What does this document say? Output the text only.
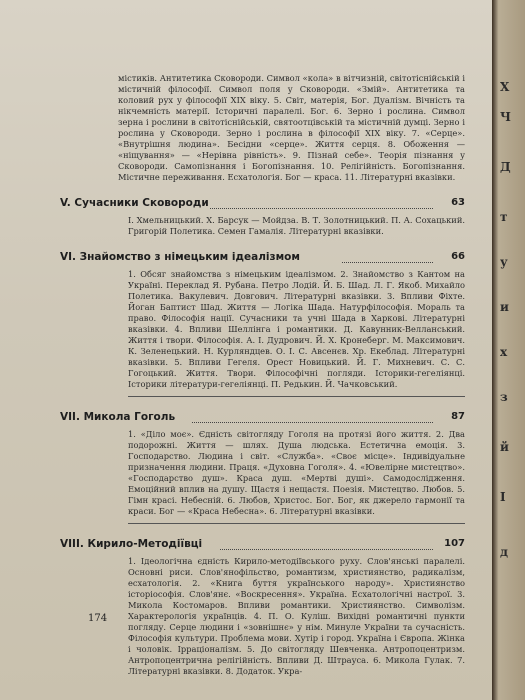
містиків. Антитетика Сковороди. Символ «кола» в вітчизній, світотіснійській і містичній філософії. Символ поля у Сковороди. «Змій». Антитетика та коловий рух у філософії XIX віку. 5. Світ, матерія, Бог. Дуалізм. Вічність та нікчемність матерії. Історичні паралелі. Бог. 6. Зерно і рослина. Символ зерна і рослини в світотіснійській, святоотцівській та містичній думці. Зерно і рослина у Сковороди. Зерно і рослина в філософії XIX віку. 7. «Серце». «Внутрішня людина». Бесідни «серце». Життя серця. 8. Обоження — «ніщування» — «Нерівна рівність». 9. Пізнай себе». Теорія пізнання у Сковороди. Самопізнання і Богопізнання. 10. Релігійність. Богопізнання. Містичне переживання. Есхатологія. Бог — краса. 11. Літературні вказівки.

V. Сучасники Сковороди	63

І. Хмельницький. Х. Барсук — Мойдза. В. Т. Золотницький. П. А. Сохацький. Григорій Полетика. Семен Гамалія. Літературні вказівки.

VI. Знайомство з німецьким ідеалізмом	66

1. Обсяг знайомства з німецьким ідеалізмом. 2. Знайомство з Кантом на Україні. Переклад Я. Рубана. Петро Лодій. Й. Б. Шад. Л. Г. Якоб. Михайло Полетика. Вакулевич. Довгович. Літературні вказівки. 3. Впливи Фіхте. Йоган Баптист Шад. Життя — Логіка Шада. Натурфілософія. Мораль та право. Філософія нації. Сучасники та учні Шада в Харкові. Літературні вказівки. 4. Впливи Шеллінга і романтики. Д. Кавунник-Велланський. Життя і твори. Філософія. А. І. Дудрович. Й. Х. Кронеберг. М. Максимович. К. Зеленецький. Н. Курляндцев. О. І. С. Авсенєв. Хр. Екеблад. Літературні вказівки. 5. Впливи Гегеля. Орест Новицький. Й. Г. Михневич. С. С. Гогоцький. Життя. Твори. Філософічні погляди. Історики-гегеліянці. Історики літератури-гегеліянці. П. Редькин. Й. Чачковський.

VII. Микола Гоголь	87

1. «Діло моє». Єдність світогляду Гоголя на протязі його життя. 2. Два подорожні. Життя — шлях. Душа людська. Естетична емоція. 3. Господарство. Людина і світ. «Служба». «Своє місце». Індивідуальне призначення людини. Праця. «Духовна Гоголя». 4. «Ювелірне мистецтво». «Господарство душ». Краса душ. «Мертві душі». Самодослідження. Емоційний вплив на душу. Щастя і нещастя. Поезія. Мистецтво. Любов. 5. Гімн красі. Небесній. 6. Любов, Христос. Бог. Бог, як джерело гармонії та краси. Бог — «Краса Небесна». 6. Літературні вказівки.

VIII. Кирило-Методіївці	107

1. Ідеологічна єдність Кирило-методіївського руху. Слов'янські паралелі. Основні риси. Слов'янофільство, романтизм, християнство, радикалізм, есхатологія. 2. «Книга буття українського народу». Християнство історіософія. Слов'янє. «Воскресення». Україна. Есхатологічні настрої. 3. Микола Костомаров. Впливи романтики. Християнство. Символізм. Характерологія українців. 4. П. О. Куліш. Вихідні романтичні пункти погляду. Серце людини і «зовнішнє» у нім. Минуле України та сучасність. Філософія культури. Проблема мови. Хутір і город. Україна і Європа. Жінка і чоловік. Ірраціоналізм. 5. До світогляду Шевченка. Антропоцентризм. Антропоцентрична релігійність. Впливи Д. Штрауса. 6. Микола Гулак. 7. Літературні вказівки. 8. Додаток. Укра-

174
Х
Ч
Д
т
у
и
х
з
й
І
д
